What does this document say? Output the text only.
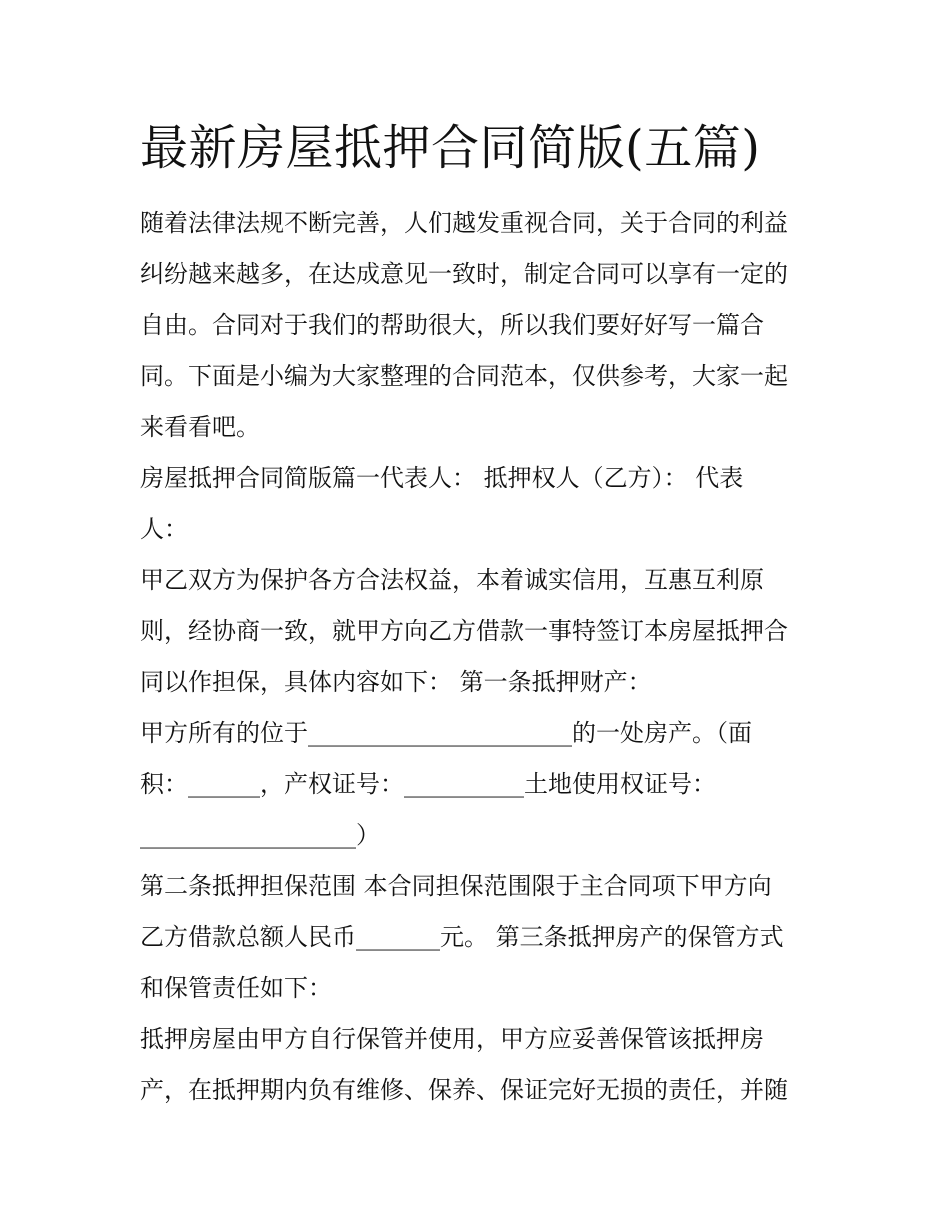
最新房屋抵押合同简版(五篇)

随着法律法规不断完善，人们越发重视合同，关于合同的利益
纠纷越来越多，在达成意见一致时，制定合同可以享有一定的
自由。合同对于我们的帮助很大，所以我们要好好写一篇合
同。下面是小编为大家整理的合同范本，仅供参考，大家一起
来看看吧。

房屋抵押合同简版篇一代表人： 抵押权人（乙方）： 代表
人：

甲乙双方为保护各方合法权益，本着诚实信用，互惠互利原
则，经协商一致，就甲方向乙方借款一事特签订本房屋抵押合
同以作担保，具体内容如下： 第一条抵押财产：

甲方所有的位于______________________的一处房产。（面
积：______，产权证号：__________土地使用权证号：
__________________）

第二条抵押担保范围 本合同担保范围限于主合同项下甲方向
乙方借款总额人民币_______元。 第三条抵押房产的保管方式
和保管责任如下：

抵押房屋由甲方自行保管并使用，甲方应妥善保管该抵押房
产，在抵押期内负有维修、保养、保证完好无损的责任，并随
